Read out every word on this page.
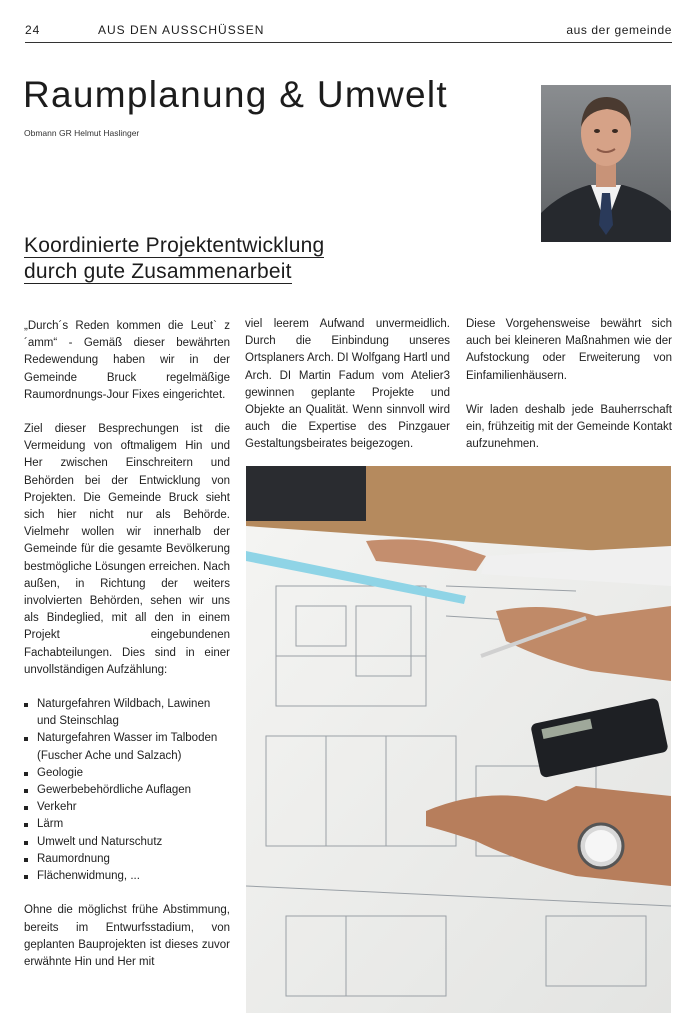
24	AUS DEN AUSSCHÜSSEN	aus der gemeinde
Raumplanung & Umwelt
Obmann GR Helmut Haslinger
Koordinierte Projektentwicklung
durch gute Zusammenarbeit

„Durch´s Reden kommen die Leut` z´amm“ - Gemäß dieser bewährten Redewendung haben wir in der Gemeinde Bruck regelmäßige Raumordnungs-Jour Fixes eingerichtet.

Ziel dieser Besprechungen ist die Vermeidung von oftmaligem Hin und Her zwischen Einschreitern und Behörden bei der Entwicklung von Projekten. Die Gemeinde Bruck sieht sich hier nicht nur als Behörde. Vielmehr wollen wir innerhalb der Gemeinde für die gesamte Bevölkerung bestmögliche Lösungen erreichen. Nach außen, in Richtung der weiters involvierten Behörden, sehen wir uns als Bindeglied, mit all den in einem Projekt eingebundenen Fachabteilungen. Dies sind in einer unvollständigen Aufzählung:

Naturgefahren Wildbach, Lawinen und Steinschlag
Naturgefahren Wasser im Talboden (Fuscher Ache und Salzach)
Geologie
Gewerbebehördliche Auflagen
Verkehr
Lärm
Umwelt und Naturschutz
Raumordnung
Flächenwidmung, ...

Ohne die möglichst frühe Abstimmung, bereits im Entwurfsstadium, von geplanten Bauprojekten ist dieses zuvor erwähnte Hin und Her mit

viel leerem Aufwand unvermeidlich. Durch die Einbindung unseres Ortsplaners Arch. DI Wolfgang Hartl und Arch. DI Martin Fadum vom Atelier3 gewinnen geplante Projekte und Objekte an Qualität. Wenn sinnvoll wird auch die Expertise des Pinzgauer Gestaltungsbeirates beigezogen.

Diese Vorgehensweise bewährt sich auch bei kleineren Maßnahmen wie der Aufstockung oder Erweiterung von Einfamilienhäusern.

Wir laden deshalb jede Bauherrschaft ein, frühzeitig mit der Gemeinde Kontakt aufzunehmen.
